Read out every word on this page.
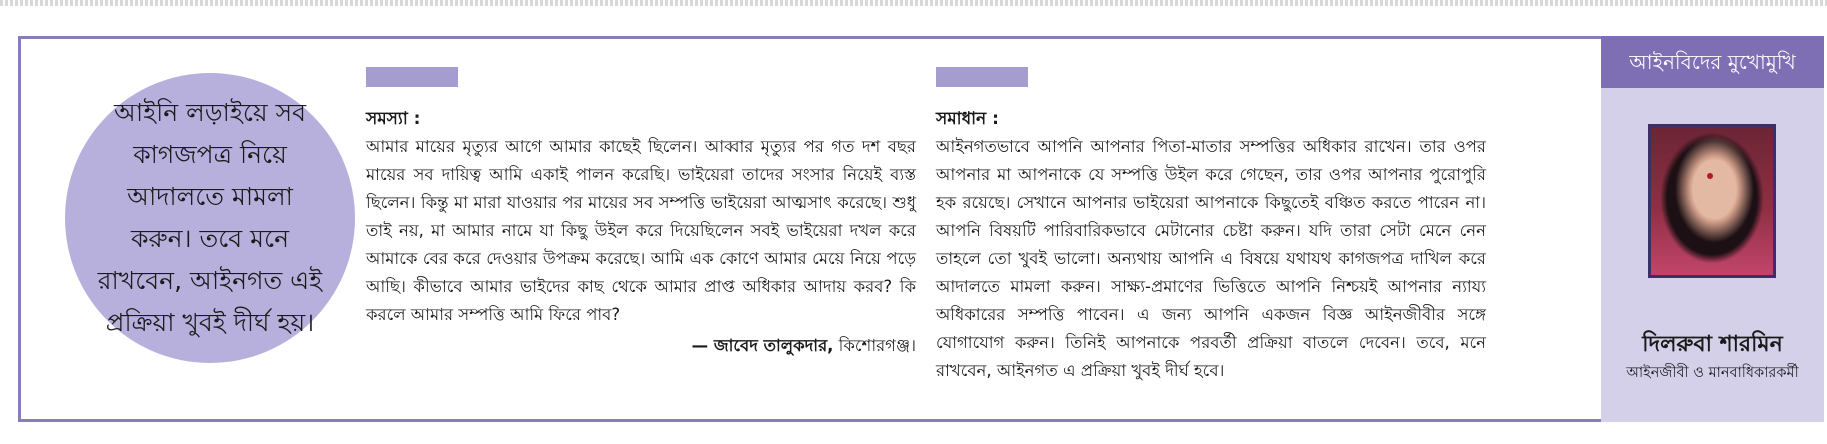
আইনি লড়াইয়ে সব কাগজপত্র নিয়ে আদালতে মামলা করুন। তবে মনে রাখবেন, আইনগত এই প্রক্রিয়া খুবই দীর্ঘ হয়।

সমস্যা :

আমার মায়ের মৃত্যুর আগে আমার কাছেই ছিলেন। আব্বার মৃত্যুর পর গত দশ বছর মায়ের সব দায়িত্ব আমি একাই পালন করেছি। ভাইয়েরা তাদের সংসার নিয়েই ব্যস্ত ছিলেন। কিন্তু মা মারা যাওয়ার পর মায়ের সব সম্পত্তি ভাইয়েরা আত্মসাৎ করেছে। শুধু তাই নয়, মা আমার নামে যা কিছু উইল করে দিয়েছিলেন সবই ভাইয়েরা দখল করে আমাকে বের করে দেওয়ার উপক্রম করেছে। আমি এক কোণে আমার মেয়ে নিয়ে পড়ে আছি। কীভাবে আমার ভাইদের কাছ থেকে আমার প্রাপ্ত অধিকার আদায় করব? কি করলে আমার সম্পত্তি আমি ফিরে পাব?

— জাবেদ তালুকদার, কিশোরগঞ্জ।

সমাধান :

আইনগতভাবে আপনি আপনার পিতা-মাতার সম্পত্তির অধিকার রাখেন। তার ওপর আপনার মা আপনাকে যে সম্পত্তি উইল করে গেছেন, তার ওপর আপনার পুরোপুরি হক রয়েছে। সেখানে আপনার ভাইয়েরা আপনাকে কিছুতেই বঞ্চিত করতে পারেন না। আপনি বিষয়টি পারিবারিকভাবে মেটানোর চেষ্টা করুন। যদি তারা সেটা মেনে নেন তাহলে তো খুবই ভালো। অন্যথায় আপনি এ বিষয়ে যথাযথ কাগজপত্র দাখিল করে আদালতে মামলা করুন। সাক্ষ্য-প্রমাণের ভিত্তিতে আপনি নিশ্চয়ই আপনার ন্যায্য অধিকারের সম্পত্তি পাবেন। এ জন্য আপনি একজন বিজ্ঞ আইনজীবীর সঙ্গে যোগাযোগ করুন। তিনিই আপনাকে পরবর্তী প্রক্রিয়া বাতলে দেবেন। তবে, মনে রাখবেন, আইনগত এ প্রক্রিয়া খুবই দীর্ঘ হবে।

আইনবিদের মুখোমুখি
দিলরুবা শারমিন
আইনজীবী ও মানবাধিকারকর্মী
